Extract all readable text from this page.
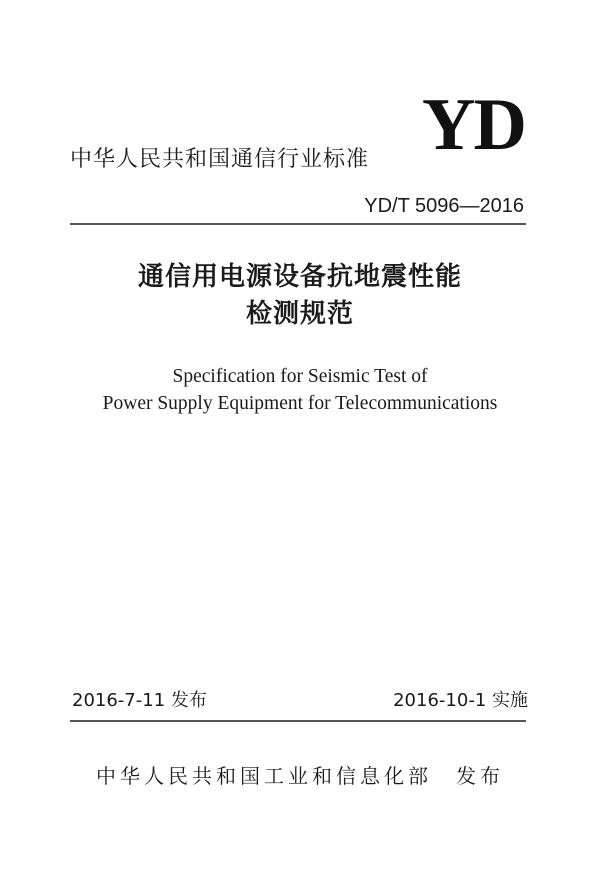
YD
中华人民共和国通信行业标准
YD/T 5096—2016
通信用电源设备抗地震性能
检测规范
Specification for Seismic Test of
Power Supply Equipment for Telecommunications
2016-7-11 发布	2016-10-1 实施
中华人民共和国工业和信息化部　发布
